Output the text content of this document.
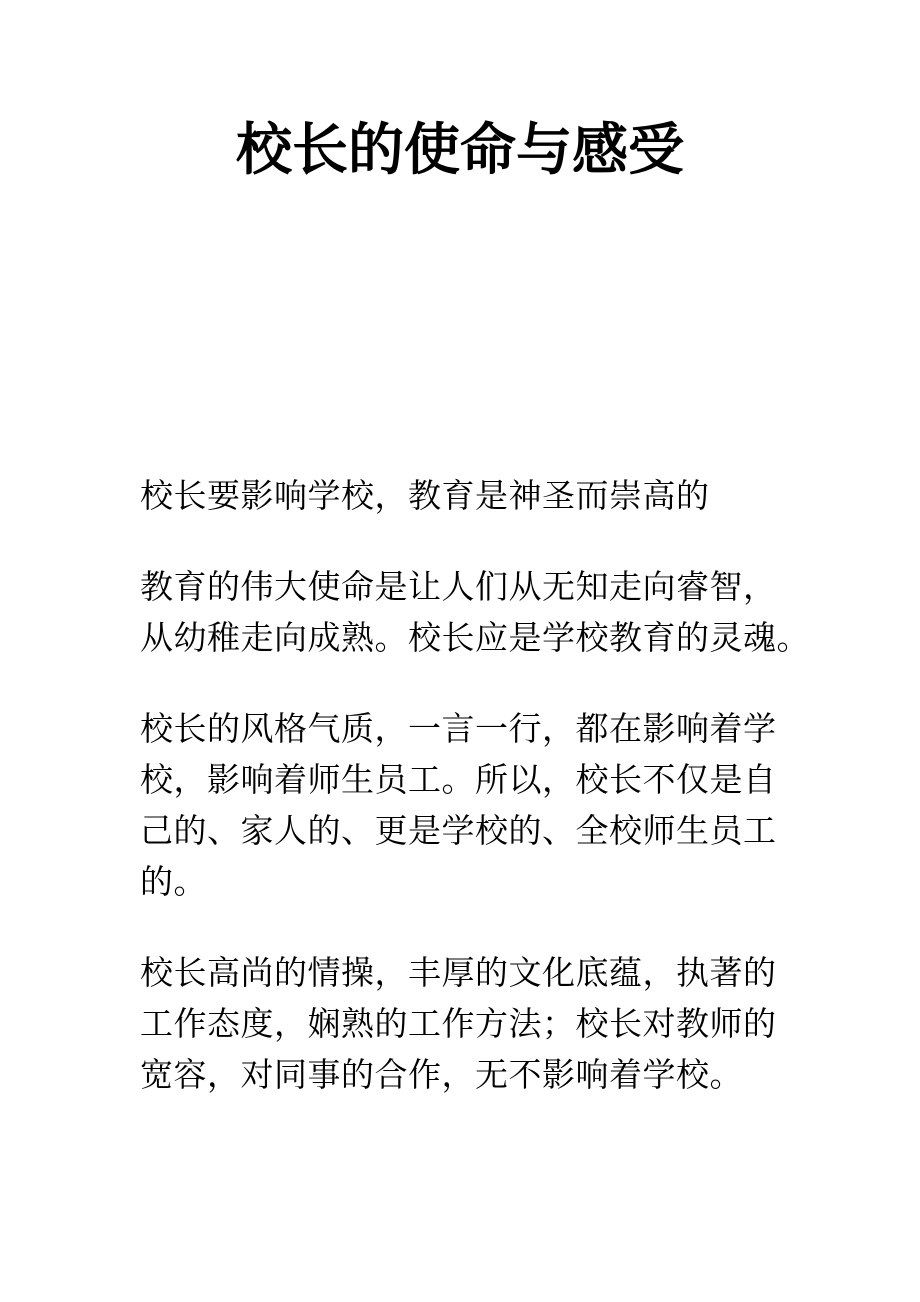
校长的使命与感受

校长要影响学校，教育是神圣而崇高的

教育的伟大使命是让人们从无知走向睿智，
从幼稚走向成熟。校长应是学校教育的灵魂。

校长的风格气质，一言一行，都在影响着学
校，影响着师生员工。所以，校长不仅是自
己的、家人的、更是学校的、全校师生员工
的。

校长高尚的情操，丰厚的文化底蕴，执著的
工作态度，娴熟的工作方法；校长对教师的
宽容，对同事的合作，无不影响着学校。
